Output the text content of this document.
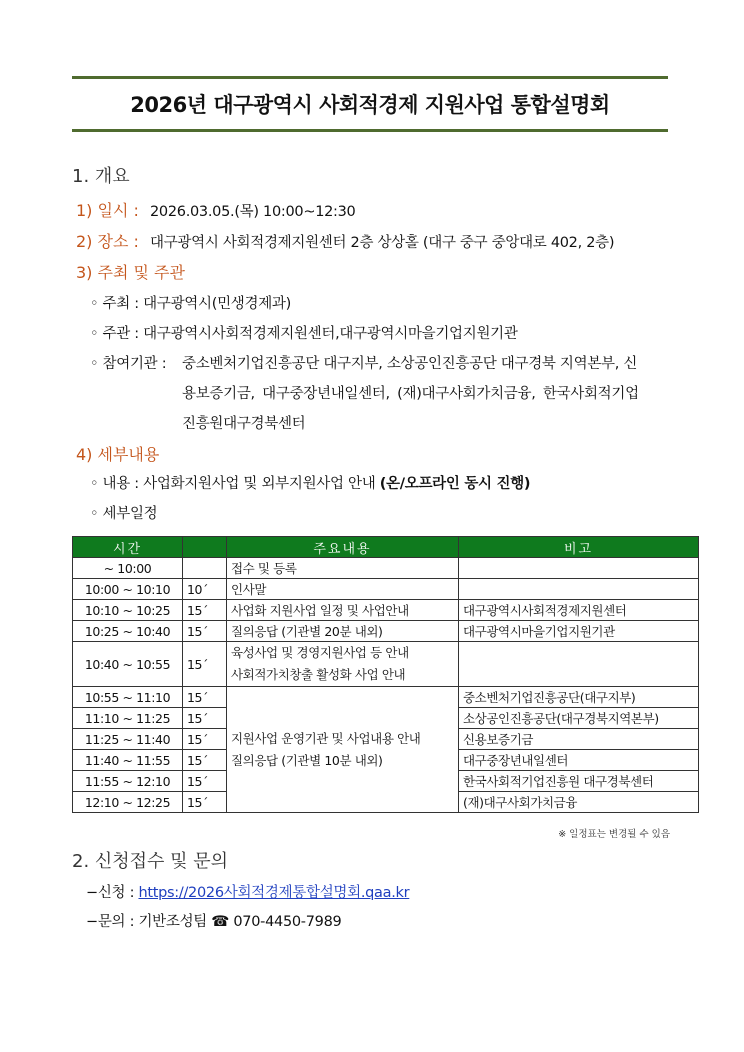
2026년 대구광역시 사회적경제 지원사업 통합설명회
1. 개요
1) 일시 : 2026.03.05.(목) 10:00~12:30
2) 장소 : 대구광역시 사회적경제지원센터 2층 상상홀 (대구 중구 중앙대로 402, 2층)
3) 주최 및 주관
◦ 주최 : 대구광역시(민생경제과)
◦ 주관 : 대구광역시사회적경제지원센터,대구광역시마을기업지원기관
◦ 참여기관 : 중소벤처기업진흥공단 대구지부, 소상공인진흥공단 대구경북 지역본부, 신
용보증기금, 대구중장년내일센터, (재)대구사회가치금융, 한국사회적기업
진흥원대구경북센터
4) 세부내용
◦ 내용 : 사업화지원사업 및 외부지원사업 안내 (온/오프라인 동시 진행)
◦ 세부일정
시간		주요내용	비고
~ 10:00		접수 및 등록	
10:00 ~ 10:10	10´	인사말	
10:10 ~ 10:25	15´	사업화 지원사업 일정 및 사업안내	대구광역시사회적경제지원센터
10:25 ~ 10:40	15´	질의응답 (기관별 20분 내외)	대구광역시마을기업지원기관
10:40 ~ 10:55	15´	육성사업 및 경영지원사업 등 안내
사회적가치창출 활성화 사업 안내	

10:55 ~ 11:10	15´	지원사업 운영기관 및 사업내용 안내
질의응답 (기관별 10분 내외)	중소벤처기업진흥공단(대구지부)
11:10 ~ 11:25	15´		소상공인진흥공단(대구경북지역본부)
11:25 ~ 11:40	15´		신용보증기금
11:40 ~ 11:55	15´		대구중장년내일센터
11:55 ~ 12:10	15´		한국사회적기업진흥원 대구경북센터
12:10 ~ 12:25	15´		(재)대구사회가치금융
※ 일정표는 변경될 수 있음
2. 신청접수 및 문의
−신청 : https://2026사회적경제통합설명회.qaa.kr
−문의 : 기반조성팀 ☎ 070-4450-7989
